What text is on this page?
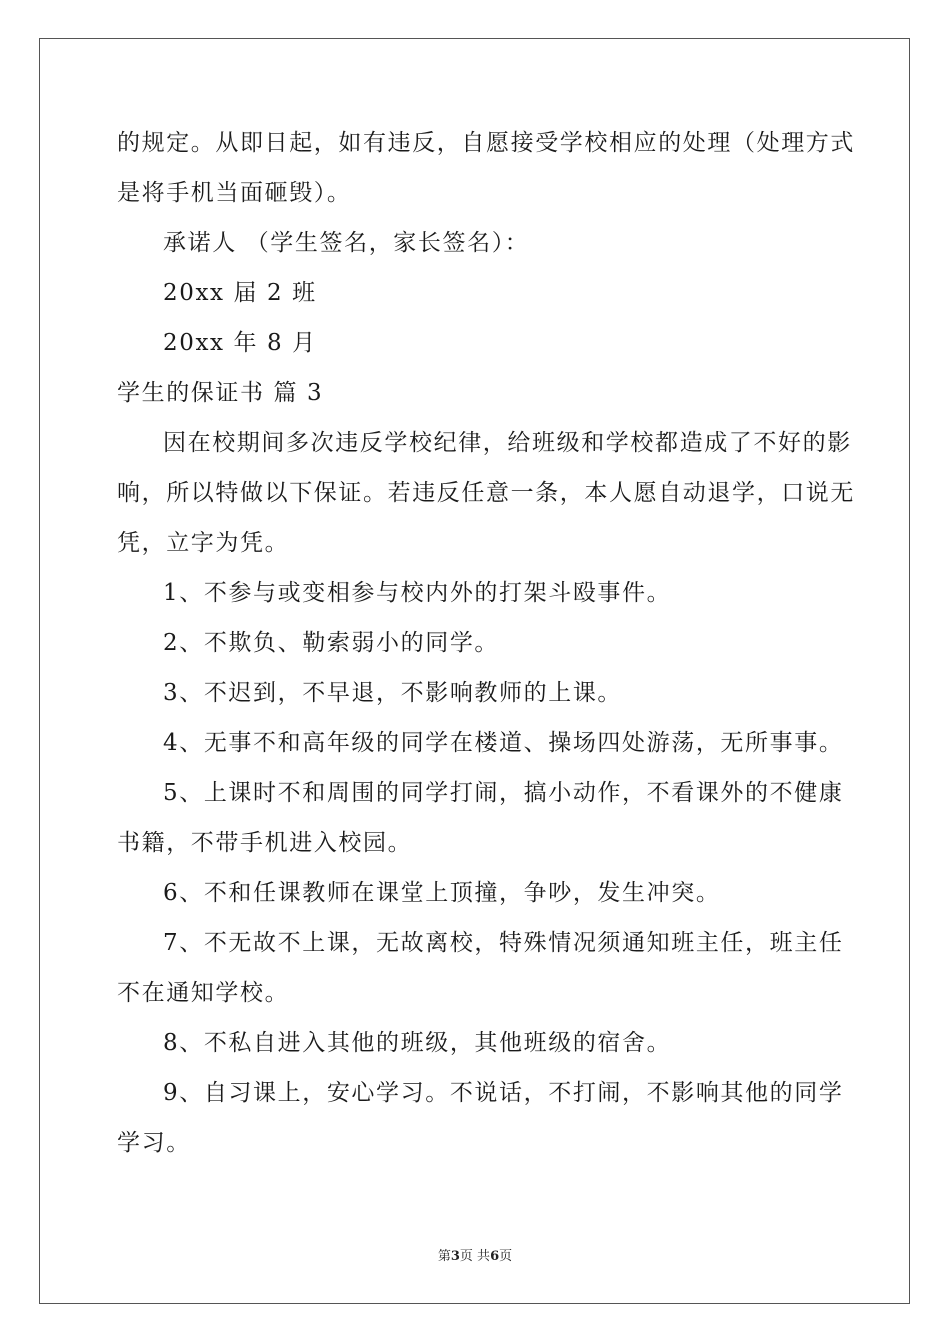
的规定。从即日起，如有违反，自愿接受学校相应的处理（处理方式

是将手机当面砸毁）。

承诺人 （学生签名，家长签名）：

20xx 届 2 班

20xx 年 8 月

学生的保证书 篇 3

因在校期间多次违反学校纪律，给班级和学校都造成了不好的影

响，所以特做以下保证。若违反任意一条，本人愿自动退学，口说无

凭，立字为凭。

1、不参与或变相参与校内外的打架斗殴事件。

2、不欺负、勒索弱小的同学。

3、不迟到，不早退，不影响教师的上课。

4、无事不和高年级的同学在楼道、操场四处游荡，无所事事。

5、上课时不和周围的同学打闹，搞小动作，不看课外的不健康

书籍，不带手机进入校园。

6、不和任课教师在课堂上顶撞，争吵，发生冲突。

7、不无故不上课，无故离校，特殊情况须通知班主任，班主任

不在通知学校。

8、不私自进入其他的班级，其他班级的宿舍。

9、自习课上，安心学习。不说话，不打闹，不影响其他的同学

学习。

第3页 共6页
